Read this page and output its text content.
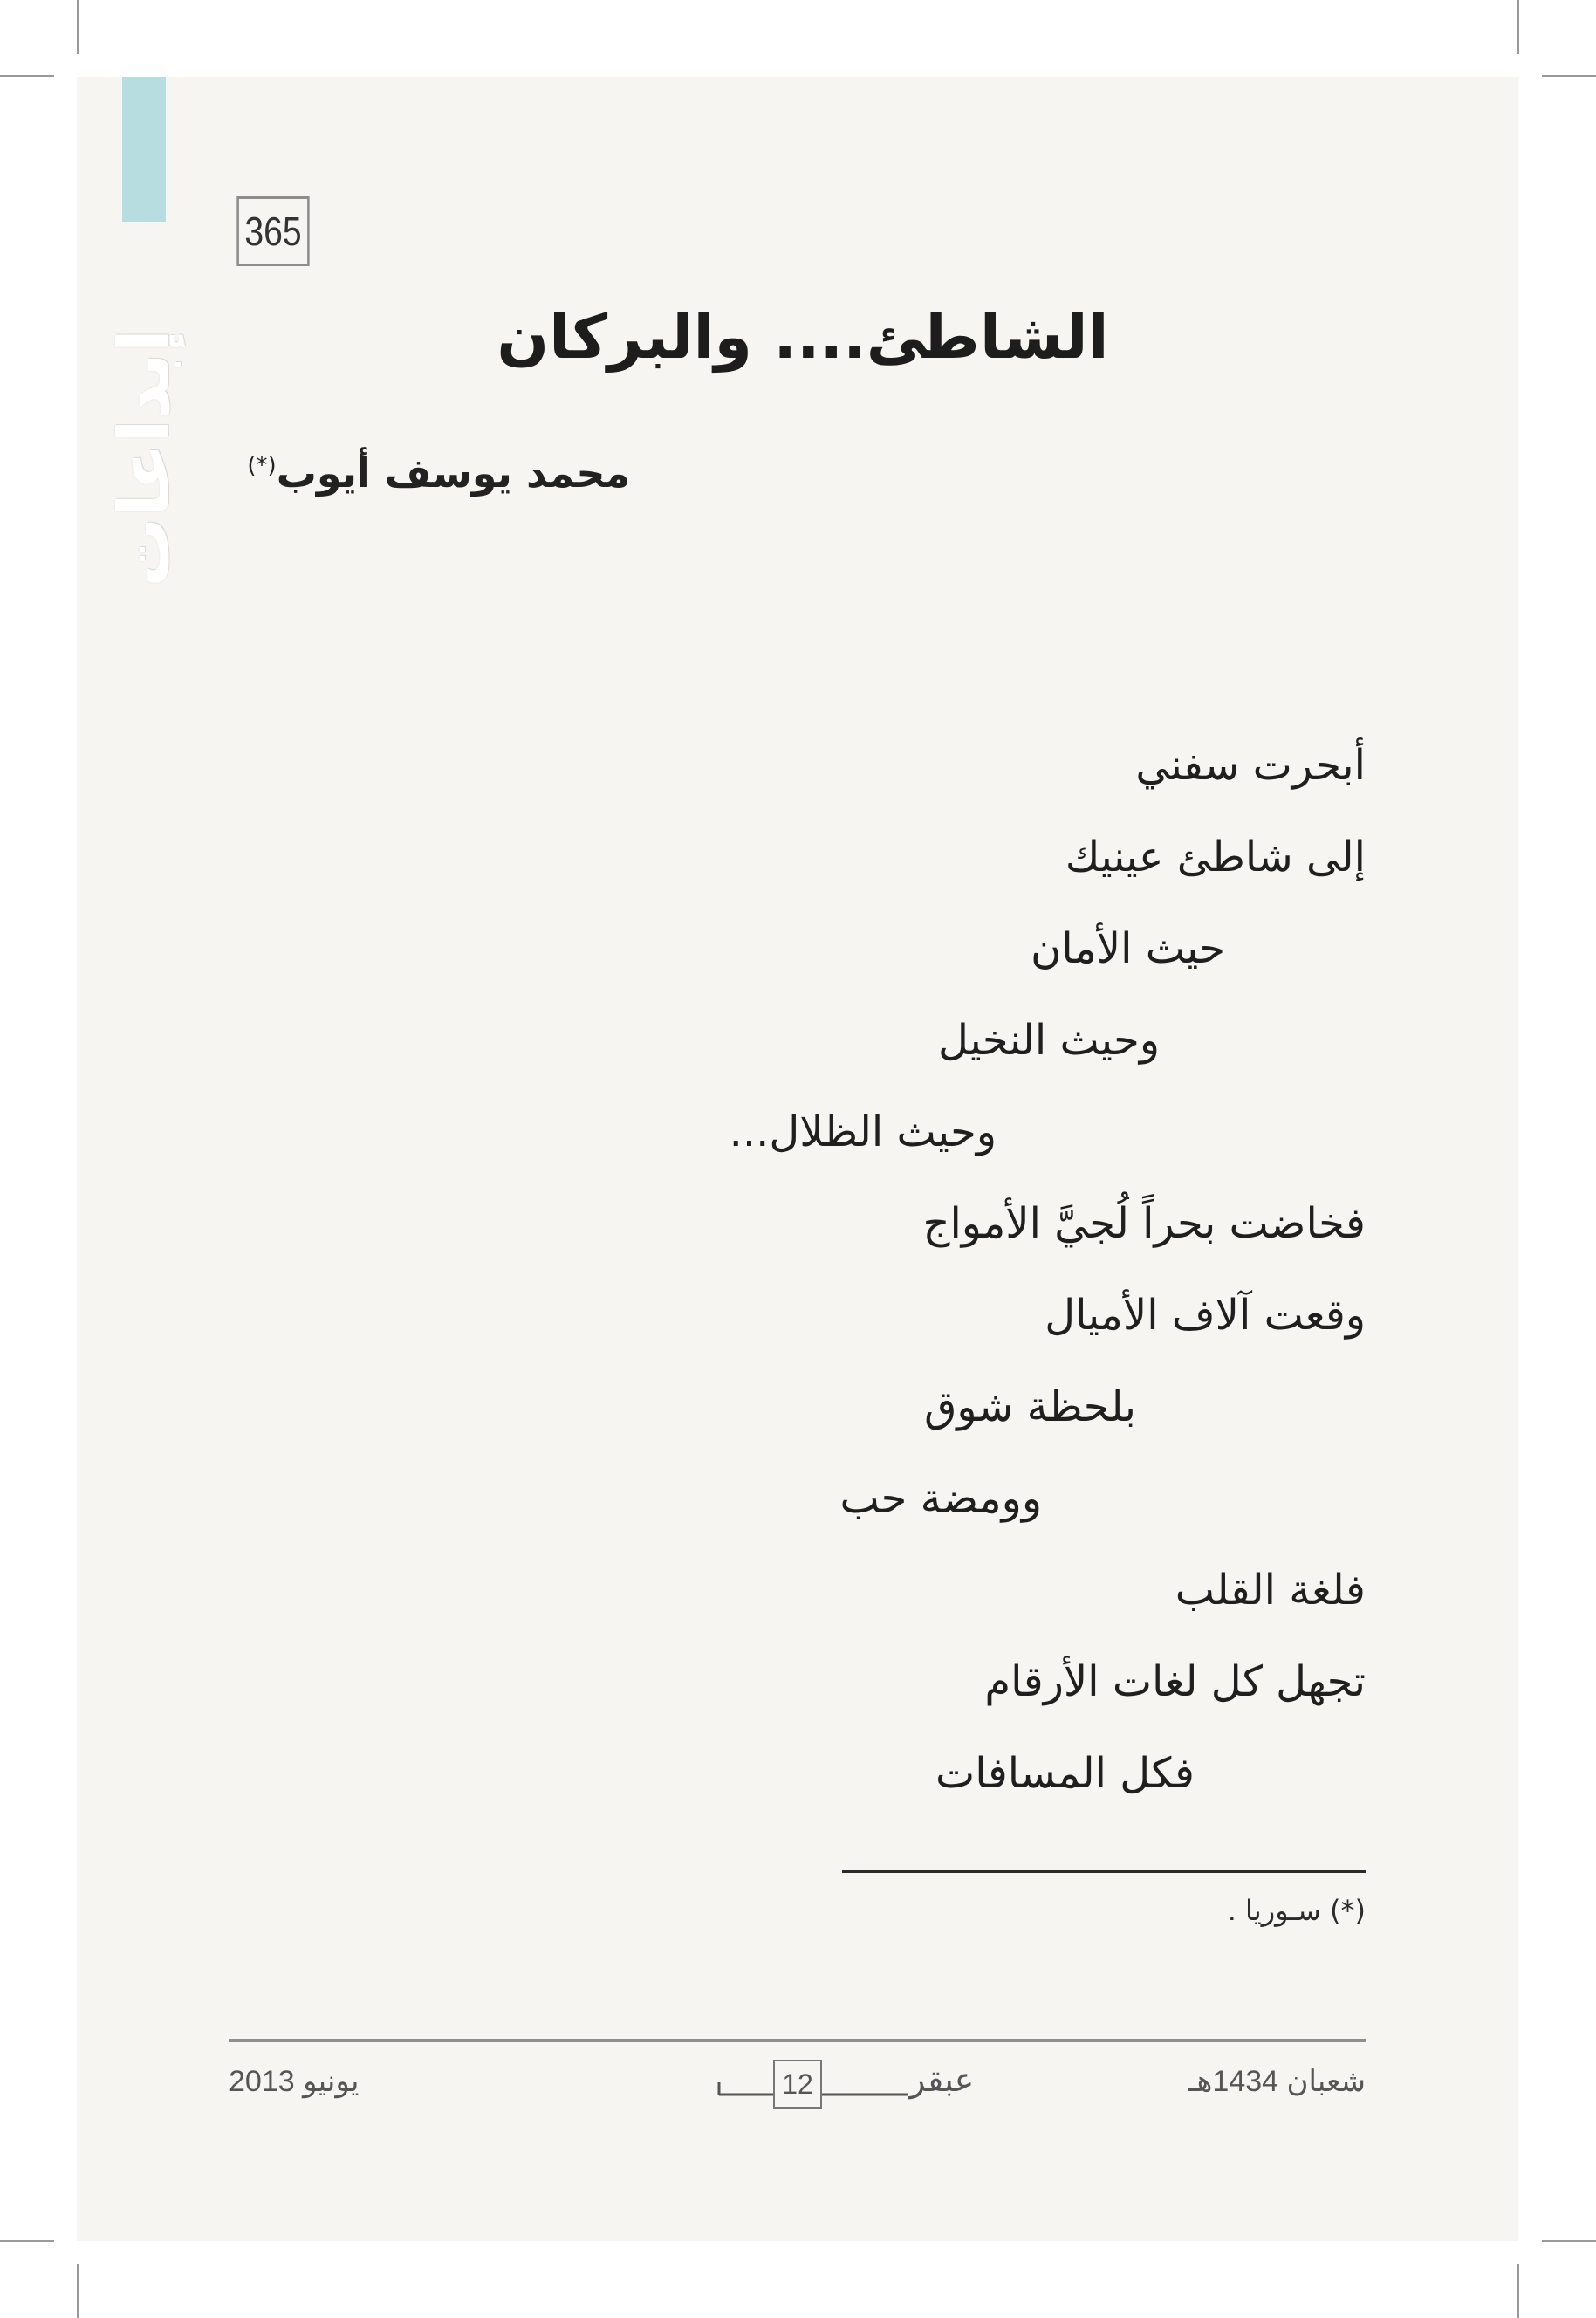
إبداعات
365
الشاطئ.... والبركان
محمد يوسف أيوب(*)
أبحرت سفني
إلى شاطئ عينيك
حيث الأمان
وحيث النخيل
وحيث الظلال...
فخاضت بحراً لُجيَّ الأمواج
وقعت آلاف الأميال
بلحظة شوق
وومضة حب
فلغة القلب
تجهل كل لغات الأرقام
فكل المسافات
(*) سـوريا .
يونيو 2013	عبقر
12	شعبان 1434هـ
